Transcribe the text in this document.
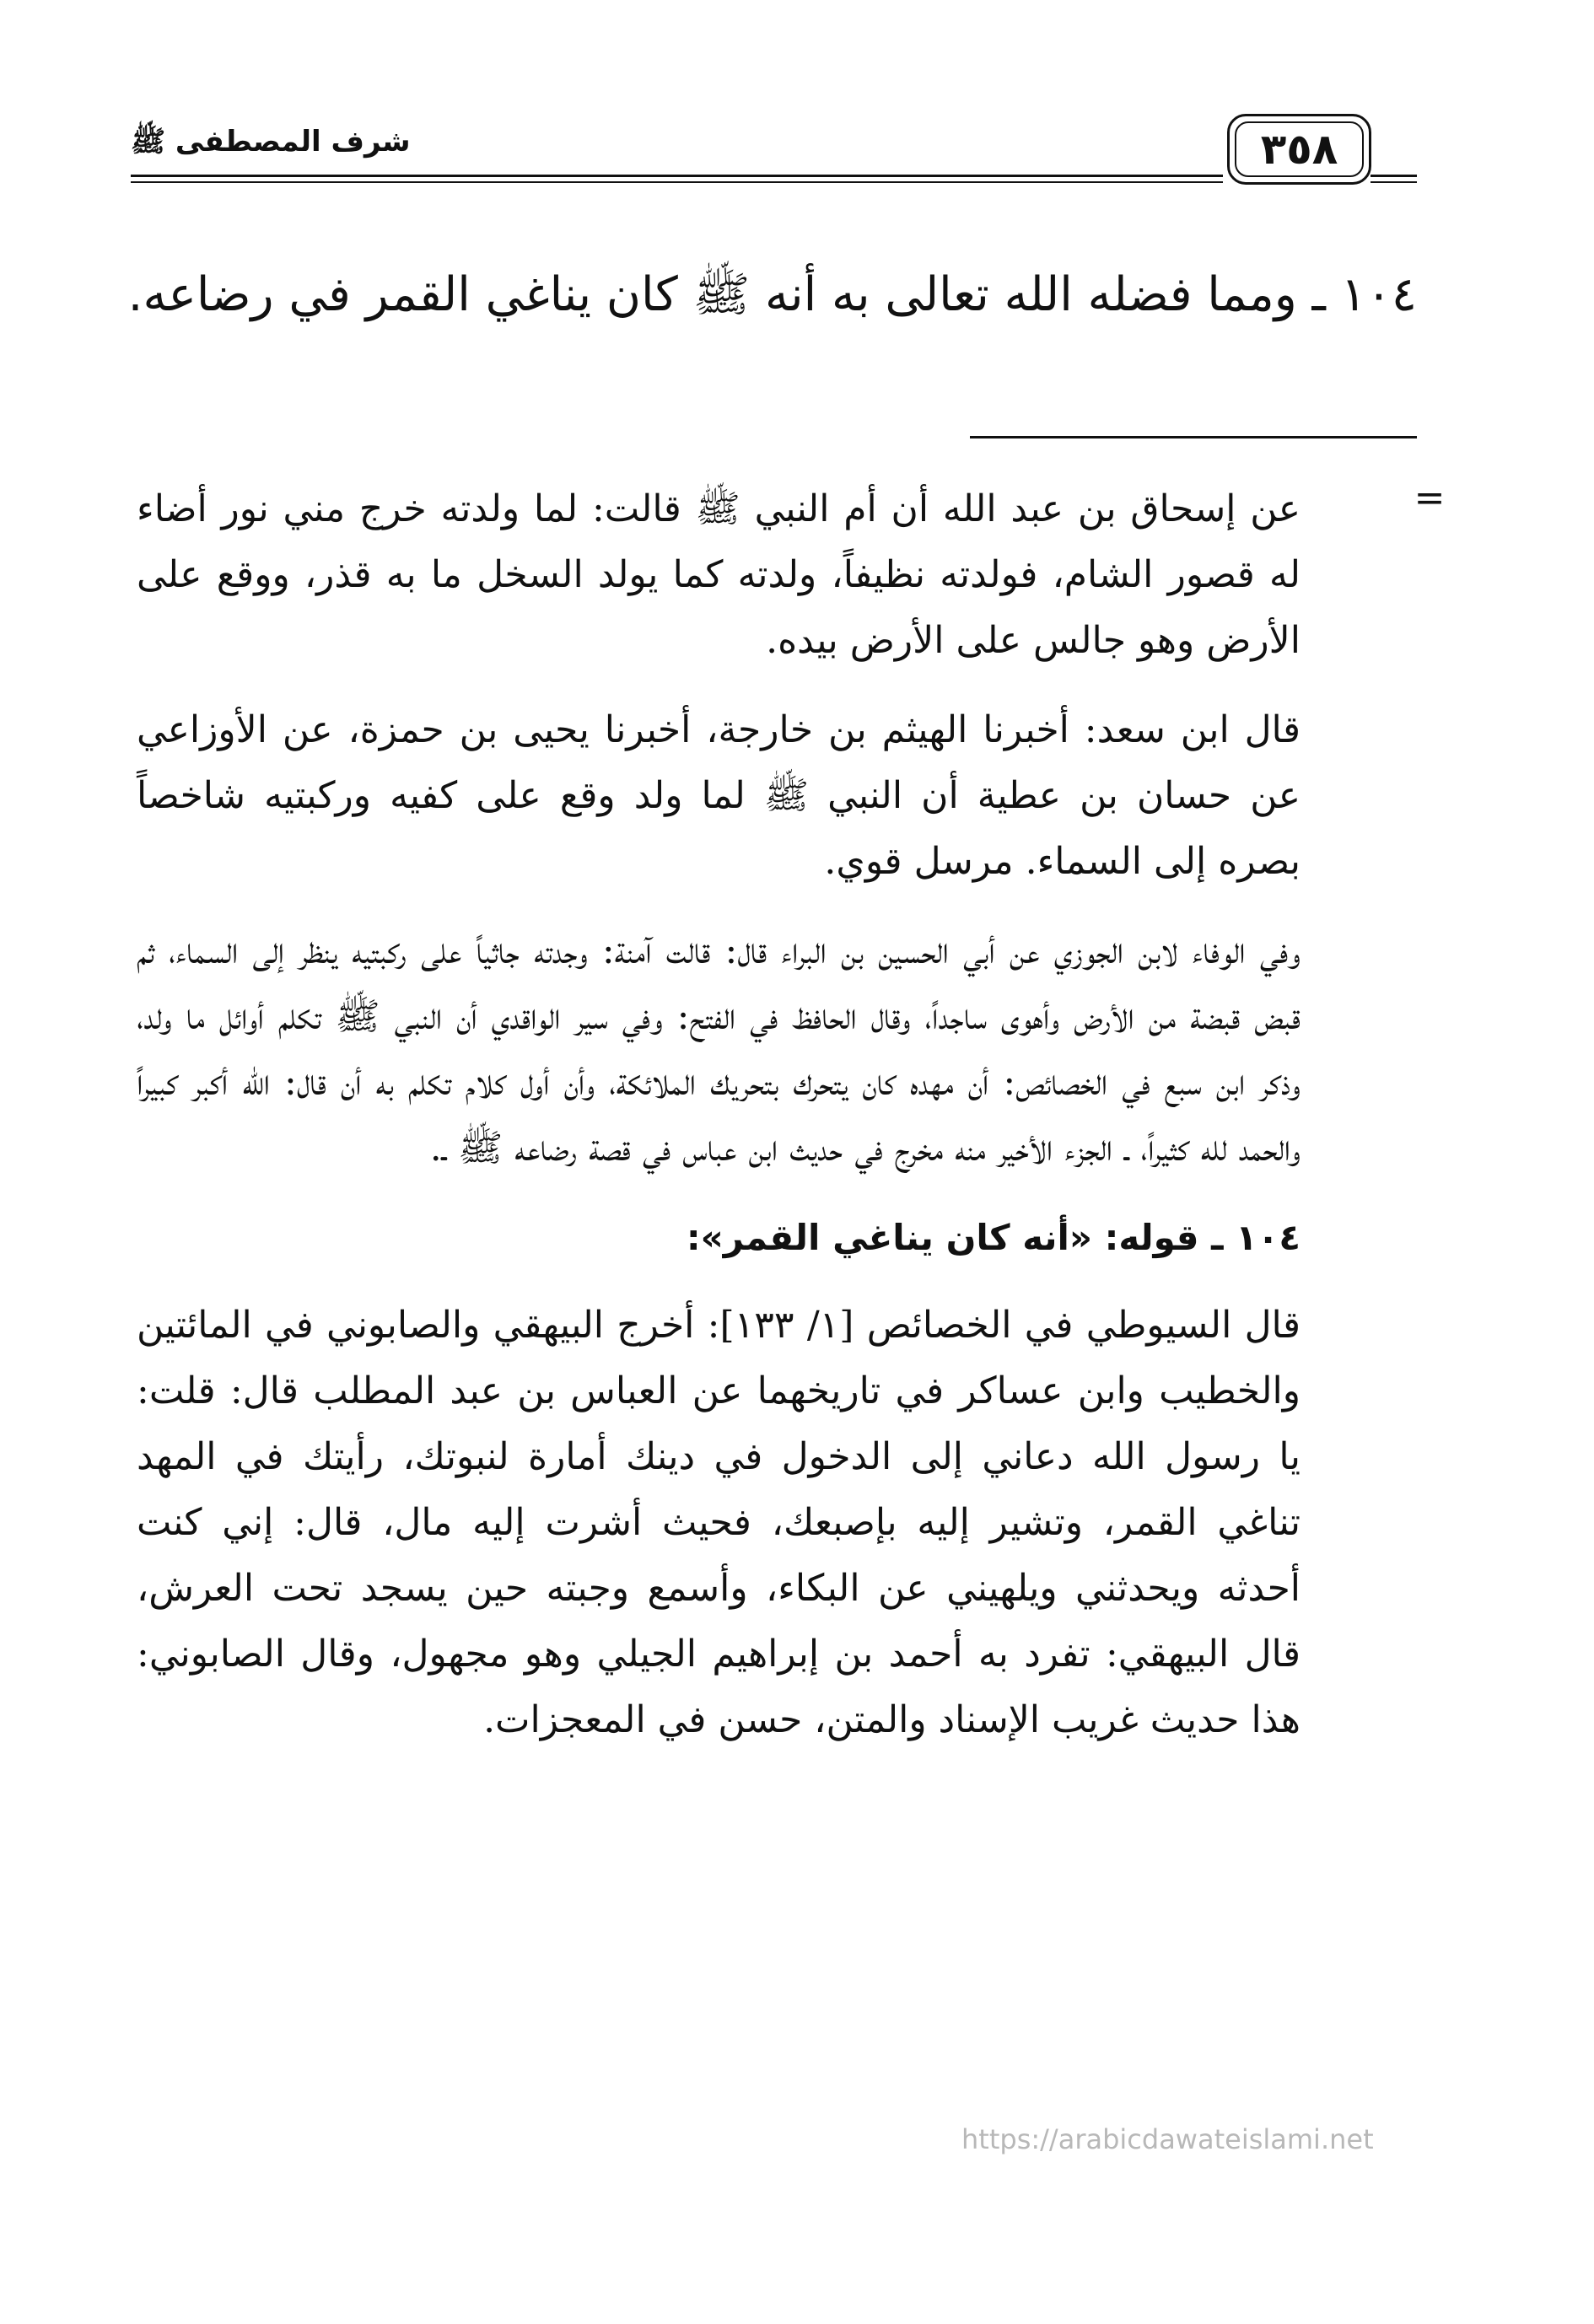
شرف المصطفى ﷺ	٣٥٨
١٠٤ ـ ومما فضله الله تعالى به أنه ﷺ كان يناغي القمر في رضاعه.
=

عن إسحاق بن عبد الله أن أم النبي ﷺ قالت: لما ولدته خرج مني نور أضاء له قصور الشام، فولدته نظيفاً، ولدته كما يولد السخل ما به قذر، ووقع على الأرض وهو جالس على الأرض بيده.

قال ابن سعد: أخبرنا الهيثم بن خارجة، أخبرنا يحيى بن حمزة، عن الأوزاعي عن حسان بن عطية أن النبي ﷺ لما ولد وقع على كفيه وركبتيه شاخصاً بصره إلى السماء. مرسل قوي.

وفي الوفاء لابن الجوزي عن أبي الحسين بن البراء قال: قالت آمنة: وجدته جاثياً على ركبتيه ينظر إلى السماء، ثم قبض قبضة من الأرض وأهوى ساجداً، وقال الحافظ في الفتح: وفي سير الواقدي أن النبي ﷺ تكلم أوائل ما ولد، وذكر ابن سبع في الخصائص: أن مهده كان يتحرك بتحريك الملائكة، وأن أول كلام تكلم به أن قال: الله أكبر كبيراً والحمد لله كثيراً، ـ الجزء الأخير منه مخرج في حديث ابن عباس في قصة رضاعه ﷺ ـ.

١٠٤ ـ قوله: «أنه كان يناغي القمر»:

قال السيوطي في الخصائص [١/ ١٣٣]: أخرج البيهقي والصابوني في المائتين والخطيب وابن عساكر في تاريخهما عن العباس بن عبد المطلب قال: قلت: يا رسول الله دعاني إلى الدخول في دينك أمارة لنبوتك، رأيتك في المهد تناغي القمر، وتشير إليه بإصبعك، فحيث أشرت إليه مال، قال: إني كنت أحدثه ويحدثني ويلهيني عن البكاء، وأسمع وجبته حين يسجد تحت العرش، قال البيهقي: تفرد به أحمد بن إبراهيم الجيلي وهو مجهول، وقال الصابوني: هذا حديث غريب الإسناد والمتن، حسن في المعجزات.

https://arabicdawateislami.net
